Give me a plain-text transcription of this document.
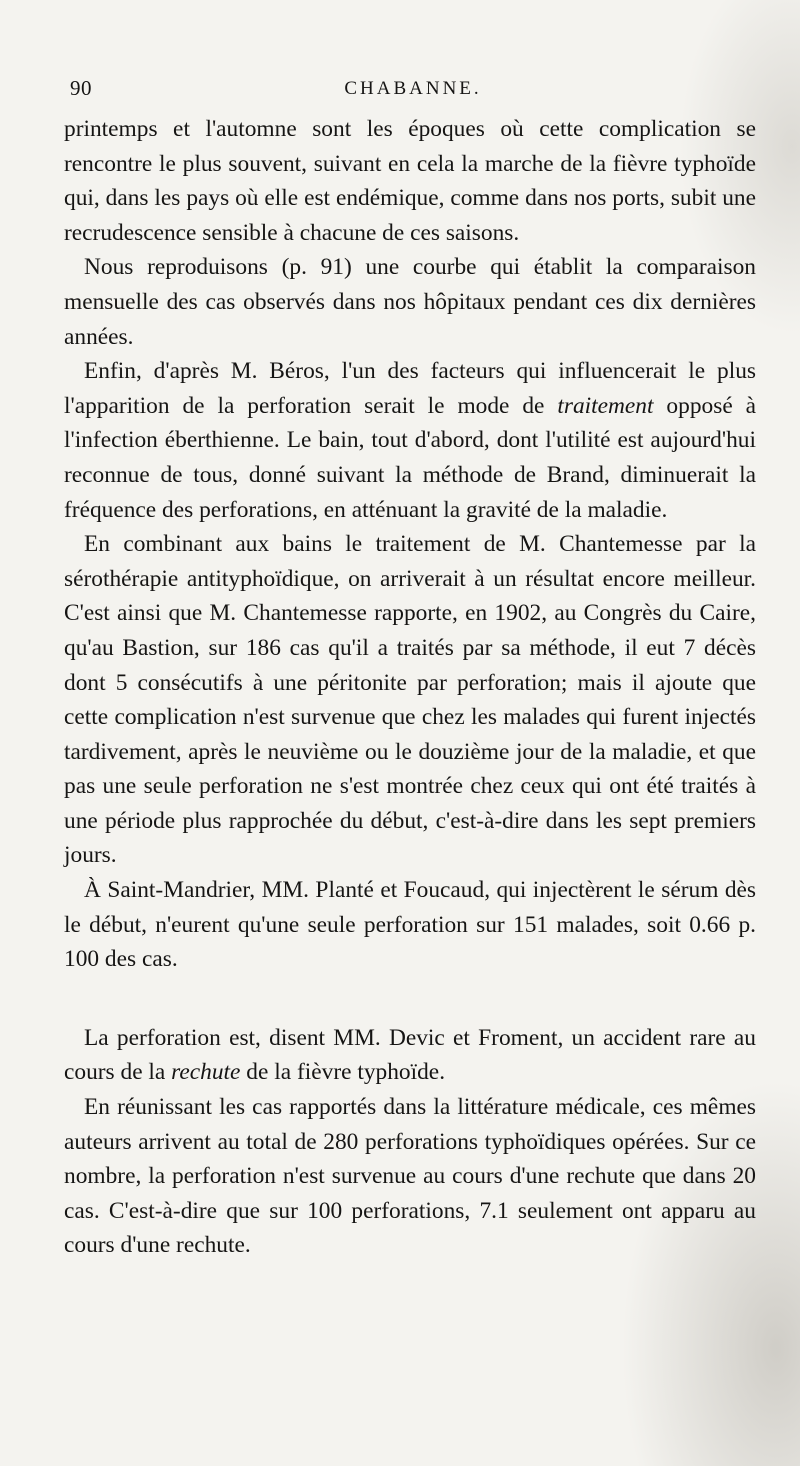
90	CHABANNE.

printemps et l'automne sont les époques où cette complication se rencontre le plus souvent, suivant en cela la marche de la fièvre typhoïde qui, dans les pays où elle est endémique, comme dans nos ports, subit une recrudescence sensible à chacune de ces saisons.

Nous reproduisons (p. 91) une courbe qui établit la comparaison mensuelle des cas observés dans nos hôpitaux pendant ces dix dernières années.

Enfin, d'après M. Béros, l'un des facteurs qui influencerait le plus l'apparition de la perforation serait le mode de traitement opposé à l'infection éberthienne. Le bain, tout d'abord, dont l'utilité est aujourd'hui reconnue de tous, donné suivant la méthode de Brand, diminuerait la fréquence des perforations, en atténuant la gravité de la maladie.

En combinant aux bains le traitement de M. Chantemesse par la sérothérapie antityphoïdique, on arriverait à un résultat encore meilleur. C'est ainsi que M. Chantemesse rapporte, en 1902, au Congrès du Caire, qu'au Bastion, sur 186 cas qu'il a traités par sa méthode, il eut 7 décès dont 5 consécutifs à une péritonite par perforation; mais il ajoute que cette complication n'est survenue que chez les malades qui furent injectés tardivement, après le neuvième ou le douzième jour de la maladie, et que pas une seule perforation ne s'est montrée chez ceux qui ont été traités à une période plus rapprochée du début, c'est-à-dire dans les sept premiers jours.

À Saint-Mandrier, MM. Planté et Foucaud, qui injectèrent le sérum dès le début, n'eurent qu'une seule perforation sur 151 malades, soit 0.66 p. 100 des cas.

La perforation est, disent MM. Devic et Froment, un accident rare au cours de la rechute de la fièvre typhoïde.

En réunissant les cas rapportés dans la littérature médicale, ces mêmes auteurs arrivent au total de 280 perforations typhoïdiques opérées. Sur ce nombre, la perforation n'est survenue au cours d'une rechute que dans 20 cas. C'est-à-dire que sur 100 perforations, 7.1 seulement ont apparu au cours d'une rechute.
